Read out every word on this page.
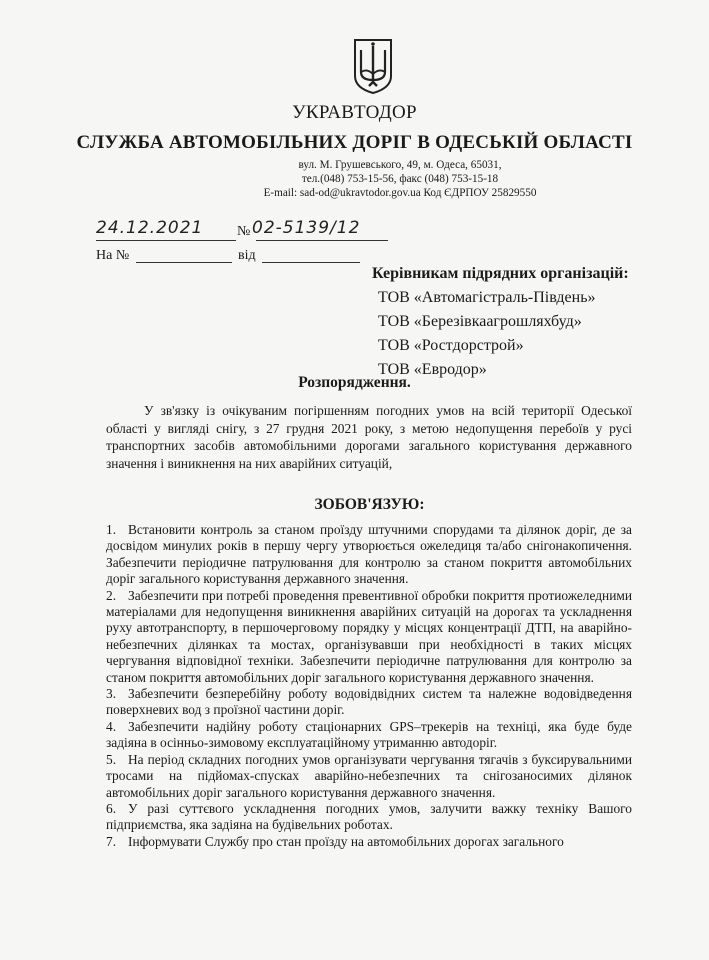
УКРАВТОДОР
СЛУЖБА АВТОМОБІЛЬНИХ ДОРІГ В ОДЕСЬКІЙ ОБЛАСТІ
вул. М. Грушевського, 49, м. Одеса, 65031,
тел.(048) 753-15-56, факс (048) 753-15-18
E-mail: sad-od@ukravtodor.gov.ua Код ЄДРПОУ 25829550
24.12.2021 № 02-5139/12
На №	від
Керівникам підрядних організацій:
ТОВ «Автомагістраль-Південь»
ТОВ «Березівкаагрошляхбуд»
ТОВ «Ростдорстрой»
ТОВ «Евродор»
Розпорядження.

У зв'язку із очікуваним погіршенням погодних умов на всій території Одеської області у вигляді снігу, з 27 грудня 2021 року, з метою недопущення перебоїв у русі транспортних засобів автомобільними дорогами загального користування державного значення і виникнення на них аварійних ситуацій,

ЗОБОВ'ЯЗУЮ:

1. Встановити контроль за станом проїзду штучними спорудами та ділянок доріг, де за досвідом минулих років в першу чергу утворюється ожеледиця та/або снігонакопичення. Забезпечити періодичне патрулювання для контролю за станом покриття автомобільних доріг загального користування державного значення.

2. Забезпечити при потребі проведення превентивної обробки покриття протиожеледними матеріалами для недопущення виникнення аварійних ситуацій на дорогах та ускладнення руху автотранспорту, в першочерговому порядку у місцях концентрації ДТП, на аварійно-небезпечних ділянках та мостах, організувавши при необхідності в таких місцях чергування відповідної техніки. Забезпечити періодичне патрулювання для контролю за станом покриття автомобільних доріг загального користування державного значення.

3. Забезпечити безперебійну роботу водовідвідних систем та належне водовідведення поверхневих вод з проїзної частини доріг.

4. Забезпечити надійну роботу стаціонарних GPS–трекерів на техніці, яка буде буде задіяна в осінньо-зимовому експлуатаційному утриманню автодоріг.

5. На період складних погодних умов організувати чергування тягачів з буксирувальними тросами на підйомах-спусках аварійно-небезпечних та снігозаносимих ділянок автомобільних доріг загального користування державного значення.

6. У разі суттєвого ускладнення погодних умов, залучити важку техніку Вашого підприємства, яка задіяна на будівельних роботах.

7. Інформувати Службу про стан проїзду на автомобільних дорогах загального
